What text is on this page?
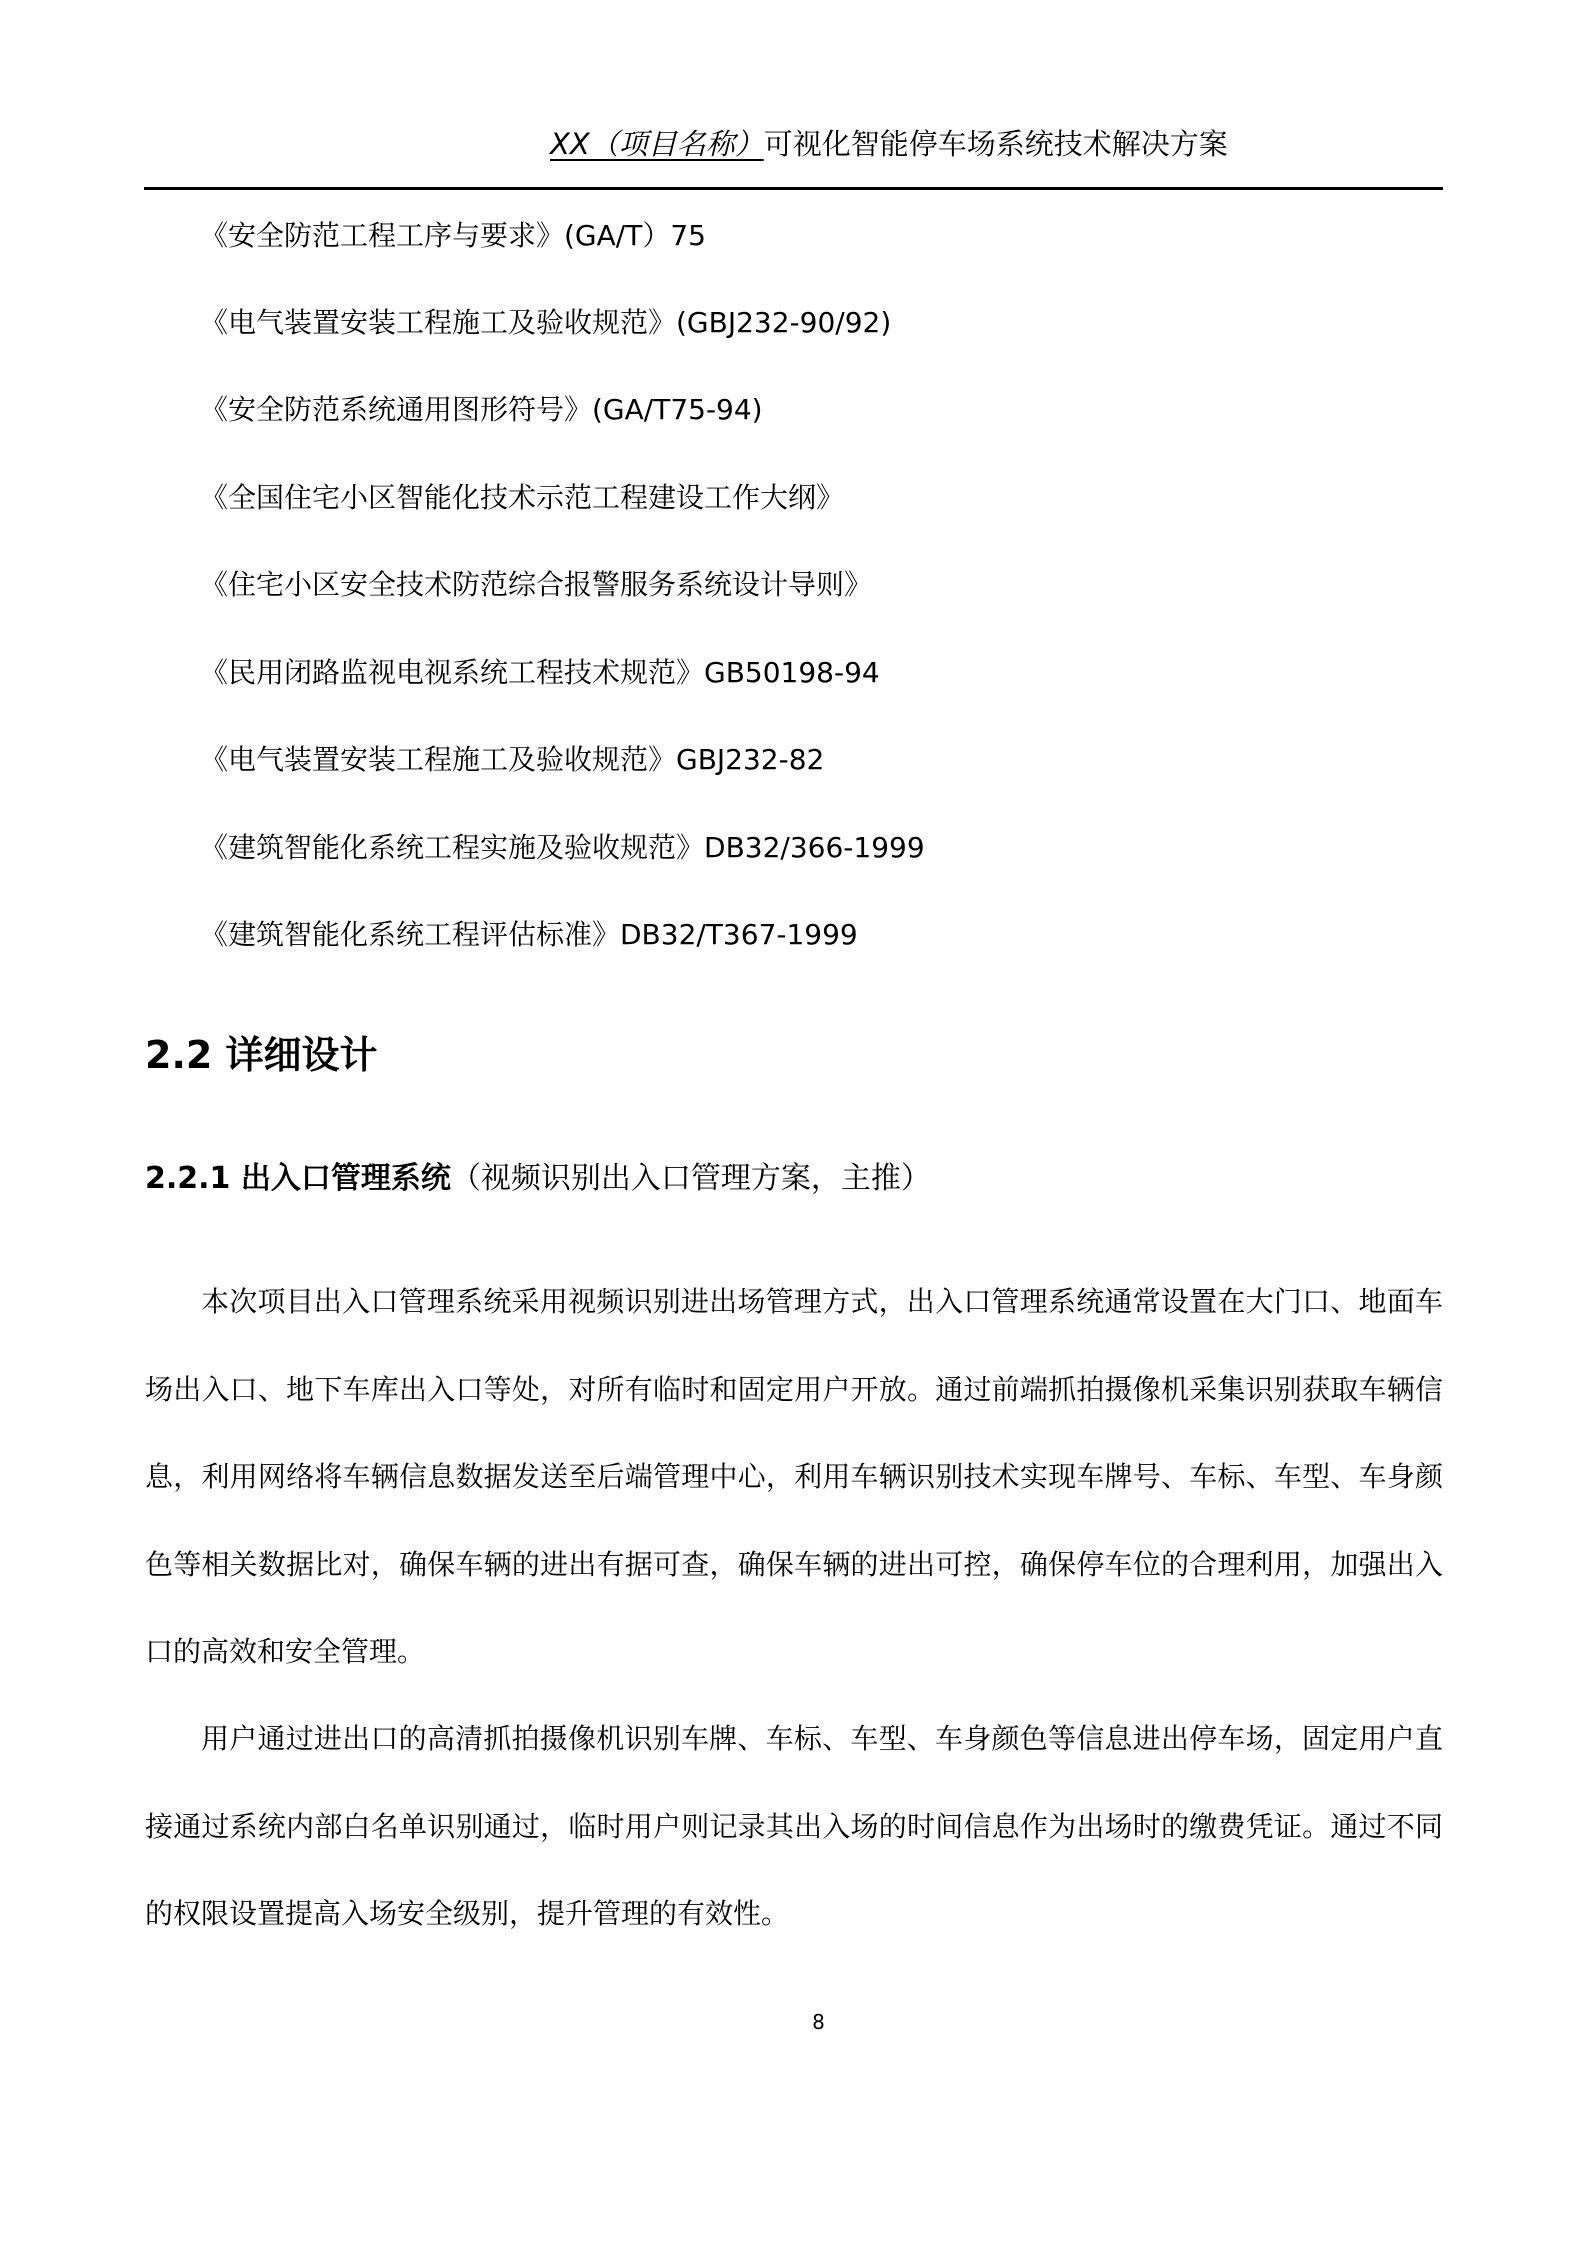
XX（项目名称）可视化智能停车场系统技术解决方案
《安全防范工程工序与要求》(GA/T）75
《电气装置安装工程施工及验收规范》(GBJ232-90/92)
《安全防范系统通用图形符号》(GA/T75-94)
《全国住宅小区智能化技术示范工程建设工作大纲》
《住宅小区安全技术防范综合报警服务系统设计导则》
《民用闭路监视电视系统工程技术规范》GB50198-94
《电气装置安装工程施工及验收规范》GBJ232-82
《建筑智能化系统工程实施及验收规范》DB32/366-1999
《建筑智能化系统工程评估标准》DB32/T367-1999
2.2 详细设计
2.2.1 出入口管理系统（视频识别出入口管理方案，主推）

本次项目出入口管理系统采用视频识别进出场管理方式，出入口管理系统通常设置在大门口、地面车场出入口、地下车库出入口等处，对所有临时和固定用户开放。通过前端抓拍摄像机采集识别获取车辆信息，利用网络将车辆信息数据发送至后端管理中心，利用车辆识别技术实现车牌号、车标、车型、车身颜色等相关数据比对，确保车辆的进出有据可查，确保车辆的进出可控，确保停车位的合理利用，加强出入口的高效和安全管理。

用户通过进出口的高清抓拍摄像机识别车牌、车标、车型、车身颜色等信息进出停车场，固定用户直接通过系统内部白名单识别通过，临时用户则记录其出入场的时间信息作为出场时的缴费凭证。通过不同的权限设置提高入场安全级别，提升管理的有效性。

8
